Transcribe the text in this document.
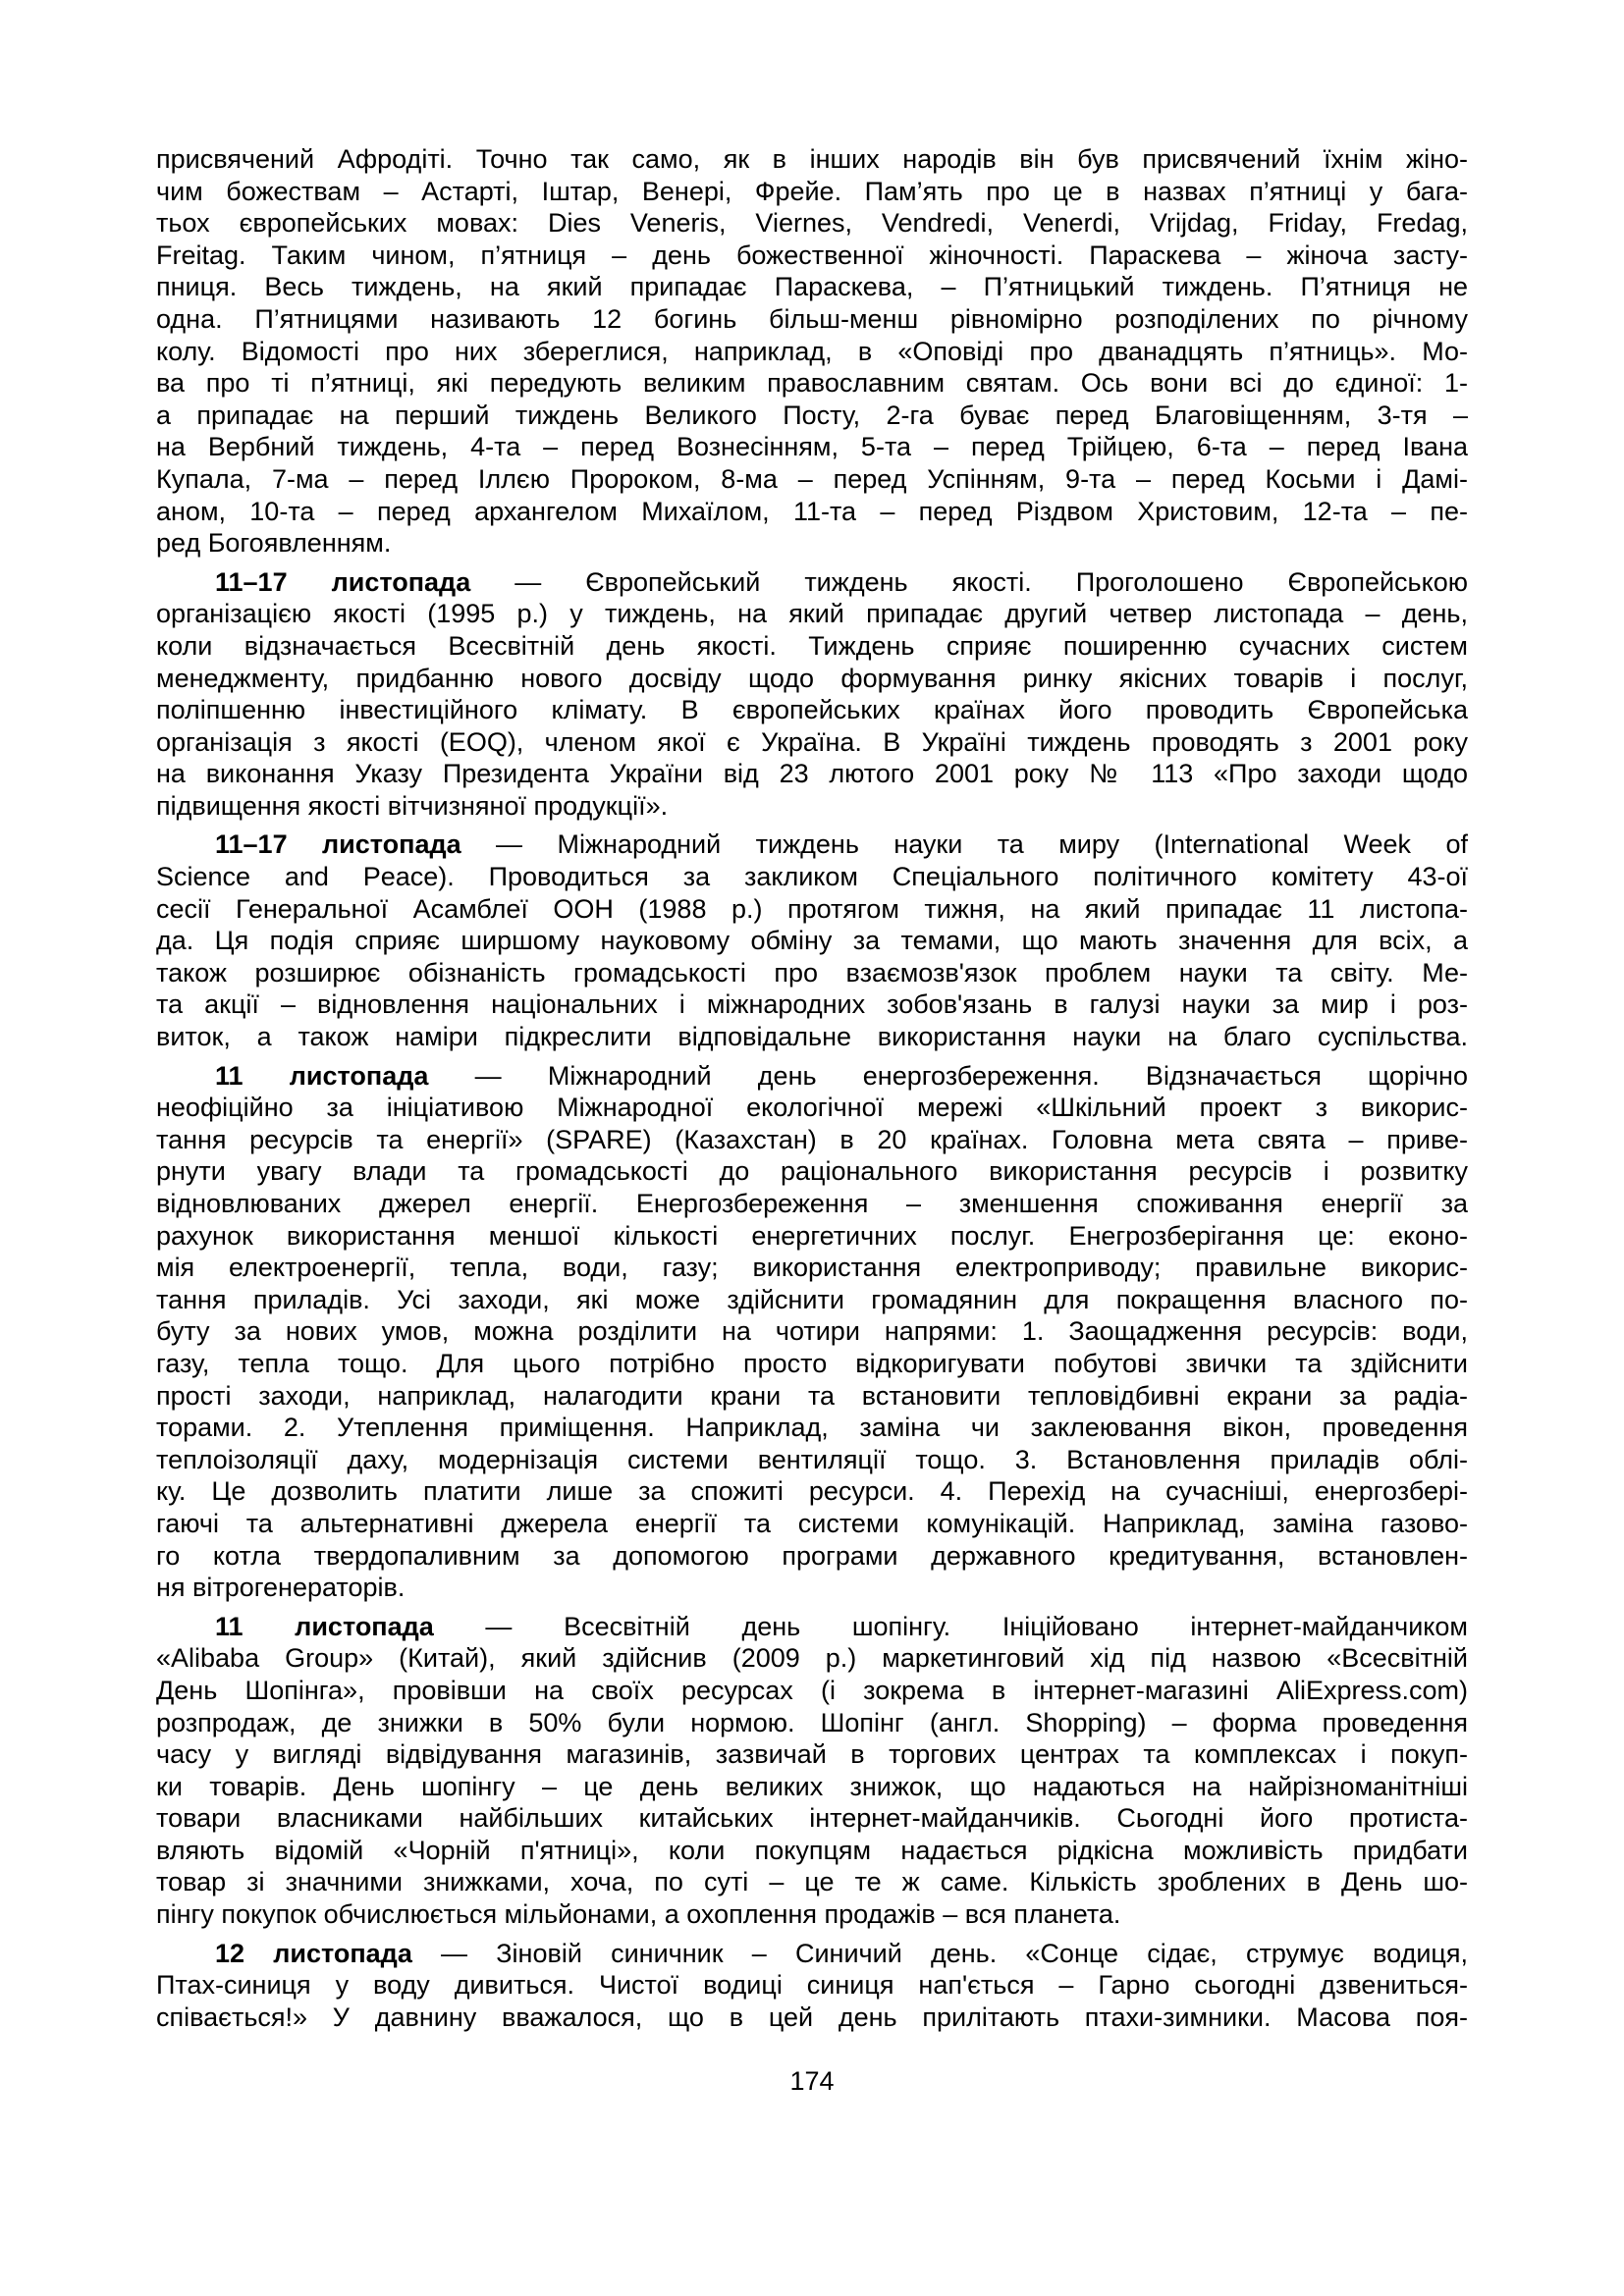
присвячений Афродіті. Точно так само, як в інших народів він був присвячений їхнім жіно-
чим божествам – Астарті, Іштар, Венері, Фрейе. Пам’ять про це в назвах п’ятниці у бага-
тьох європейських мовах: Dies Veneris, Viernes, Vendredi, Venerdi, Vrijdag, Friday, Fredag,
Freitag. Таким чином, п’ятниця – день божественної жіночності. Параскева – жіноча засту-
пниця. Весь тиждень, на який припадає Параскева, – П’ятницький тиждень. П’ятниця не
одна. П’ятницями називають 12 богинь більш-менш рівномірно розподілених по річному
колу. Відомості про них збереглися, наприклад, в «Оповіді про дванадцять п’ятниць». Мо-
ва про ті п’ятниці, які передують великим православним святам. Ось вони всі до єдиної: 1-
а припадає на перший тиждень Великого Посту, 2-га буває перед Благовіщенням, 3-тя –
на Вербний тиждень, 4-та – перед Вознесінням, 5-та – перед Трійцею, 6-та – перед Івана
Купала, 7-ма – перед Іллєю Пророком, 8-ма – перед Успінням, 9-та – перед Косьми і Дамі-
аном, 10-та – перед архангелом Михаїлом, 11-та – перед Різдвом Христовим, 12-та – пе-
ред Богоявленням.
11–17 листопада — Європейський тиждень якості. Проголошено Європейською
організацією якості (1995 р.) у тиждень, на який припадає другий четвер листопада – день,
коли відзначається Всесвітній день якості. Тиждень сприяє поширенню сучасних систем
менеджменту, придбанню нового досвіду щодо формування ринку якісних товарів і послуг,
поліпшенню інвестиційного клімату. В європейських країнах його проводить Європейська
організація з якості (EOQ), членом якої є Україна. В Україні тиждень проводять з 2001 року
на виконання Указу Президента України від 23 лютого 2001 року № 113 «Про заходи щодо
підвищення якості вітчизняної продукції».
11–17 листопада — Міжнародний тиждень науки та миру (International Week of
Science and Peace). Проводиться за закликом Спеціального політичного комітету 43-ої
сесії Генеральної Асамблеї ООН (1988 р.) протягом тижня, на який припадає 11 листопа-
да. Ця подія сприяє ширшому науковому обміну за темами, що мають значення для всіх, а
також розширює обізнаність громадськості про взаємозв'язок проблем науки та світу. Ме-
та акції – відновлення національних і міжнародних зобов'язань в галузі науки за мир і роз-
виток, а також наміри підкреслити відповідальне використання науки на благо суспільства.
11 листопада — Міжнародний день енергозбереження. Відзначається щорічно
неофіційно за ініціативою Міжнародної екологічної мережі «Шкільний проект з викорис-
тання ресурсів та енергії» (SPARE) (Казахстан) в 20 країнах. Головна мета свята – приве-
рнути увагу влади та громадськості до раціонального використання ресурсів і розвитку
відновлюваних джерел енергії. Енергозбереження – зменшення споживання енергії за
рахунок використання меншої кількості енергетичних послуг. Енегрозберігання це: еконо-
мія електроенергії, тепла, води, газу; використання електроприводу; правильне викорис-
тання приладів. Усі заходи, які може здійснити громадянин для покращення власного по-
буту за нових умов, можна розділити на чотири напрями: 1. Заощадження ресурсів: води,
газу, тепла тощо. Для цього потрібно просто відкоригувати побутові звички та здійснити
прості заходи, наприклад, налагодити крани та встановити тепловідбивні екрани за радіа-
торами. 2. Утеплення приміщення. Наприклад, заміна чи заклеювання вікон, проведення
теплоізоляції даху, модернізація системи вентиляції тощо. 3. Встановлення приладів облі-
ку. Це дозволить платити лише за спожиті ресурси. 4. Перехід на сучасніші, енергозбері-
гаючі та альтернативні джерела енергії та системи комунікацій. Наприклад, заміна газово-
го котла твердопаливним за допомогою програми державного кредитування, встановлен-
ня вітрогенераторів.
11 листопада — Всесвітній день шопінгу. Ініційовано інтернет-майданчиком
«Alibaba Group» (Китай), який здійснив (2009 р.) маркетинговий хід під назвою «Всесвітній
День Шопінга», провівши на своїх ресурсах (і зокрема в інтернет-магазині AliExpress.com)
розпродаж, де знижки в 50% були нормою. Шопінг (англ. Shopping) – форма проведення
часу у вигляді відвідування магазинів, зазвичай в торгових центрах та комплексах і покуп-
ки товарів. День шопінгу – це день великих знижок, що надаються на найрізноманітніші
товари власниками найбільших китайських інтернет-майданчиків. Сьогодні його протиста-
вляють відомій «Чорній п'ятниці», коли покупцям надається рідкісна можливість придбати
товар зі значними знижками, хоча, по суті – це те ж саме. Кількість зроблених в День шо-
пінгу покупок обчислюється мільйонами, а охоплення продажів – вся планета.
12 листопада — Зіновій синичник – Синичий день. «Сонце сідає, струмує водиця,
Птах-синиця у воду дивиться. Чистої водиці синиця нап'ється – Гарно сьогодні дзвениться-
співається!» У давнину вважалося, що в цей день прилітають птахи-зимники. Масова поя-
174
